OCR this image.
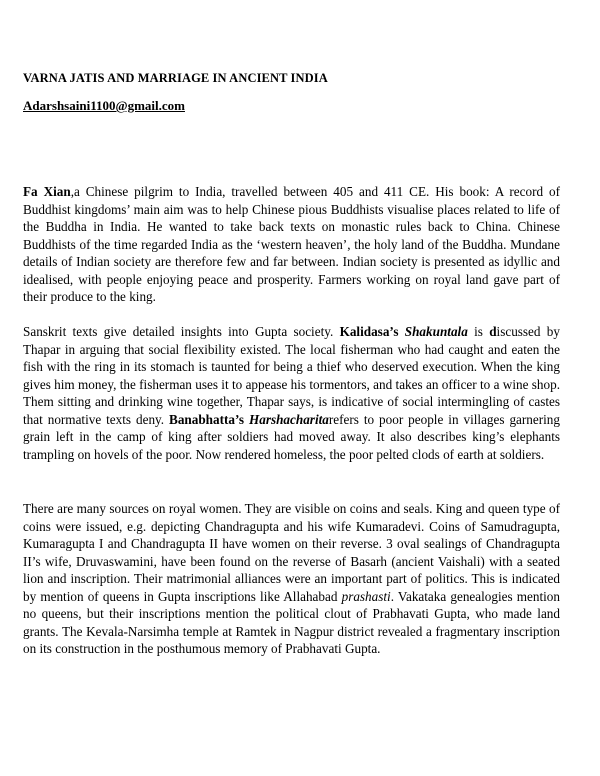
VARNA JATIS AND MARRIAGE IN ANCIENT INDIA
Adarshsaini1100@gmail.com

Fa Xian,a Chinese pilgrim to India, travelled between 405 and 411 CE. His book: A record of Buddhist kingdoms’ main aim was to help Chinese pious Buddhists visualise places related to life of the Buddha in India. He wanted to take back texts on monastic rules back to China. Chinese Buddhists of the time regarded India as the ‘western heaven’, the holy land of the Buddha. Mundane details of Indian society are therefore few and far between. Indian society is presented as idyllic and idealised, with people enjoying peace and prosperity. Farmers working on royal land gave part of their produce to the king.

Sanskrit texts give detailed insights into Gupta society. Kalidasa’s Shakuntala is discussed by Thapar in arguing that social flexibility existed. The local fisherman who had caught and eaten the fish with the ring in its stomach is taunted for being a thief who deserved execution. When the king gives him money, the fisherman uses it to appease his tormentors, and takes an officer to a wine shop. Them sitting and drinking wine together, Thapar says, is indicative of social intermingling of castes that normative texts deny. Banabhatta’s Harshacharitarefers to poor people in villages garnering grain left in the camp of king after soldiers had moved away. It also describes king’s elephants trampling on hovels of the poor. Now rendered homeless, the poor pelted clods of earth at soldiers.

There are many sources on royal women. They are visible on coins and seals. King and queen type of coins were issued, e.g. depicting Chandragupta and his wife Kumaradevi. Coins of Samudragupta, Kumaragupta I and Chandragupta II have women on their reverse. 3 oval sealings of Chandragupta II’s wife, Druvaswamini, have been found on the reverse of Basarh (ancient Vaishali) with a seated lion and inscription. Their matrimonial alliances were an important part of politics. This is indicated by mention of queens in Gupta inscriptions like Allahabad prashasti. Vakataka genealogies mention no queens, but their inscriptions mention the political clout of Prabhavati Gupta, who made land grants. The Kevala-Narsimha temple at Ramtek in Nagpur district revealed a fragmentary inscription on its construction in the posthumous memory of Prabhavati Gupta.
